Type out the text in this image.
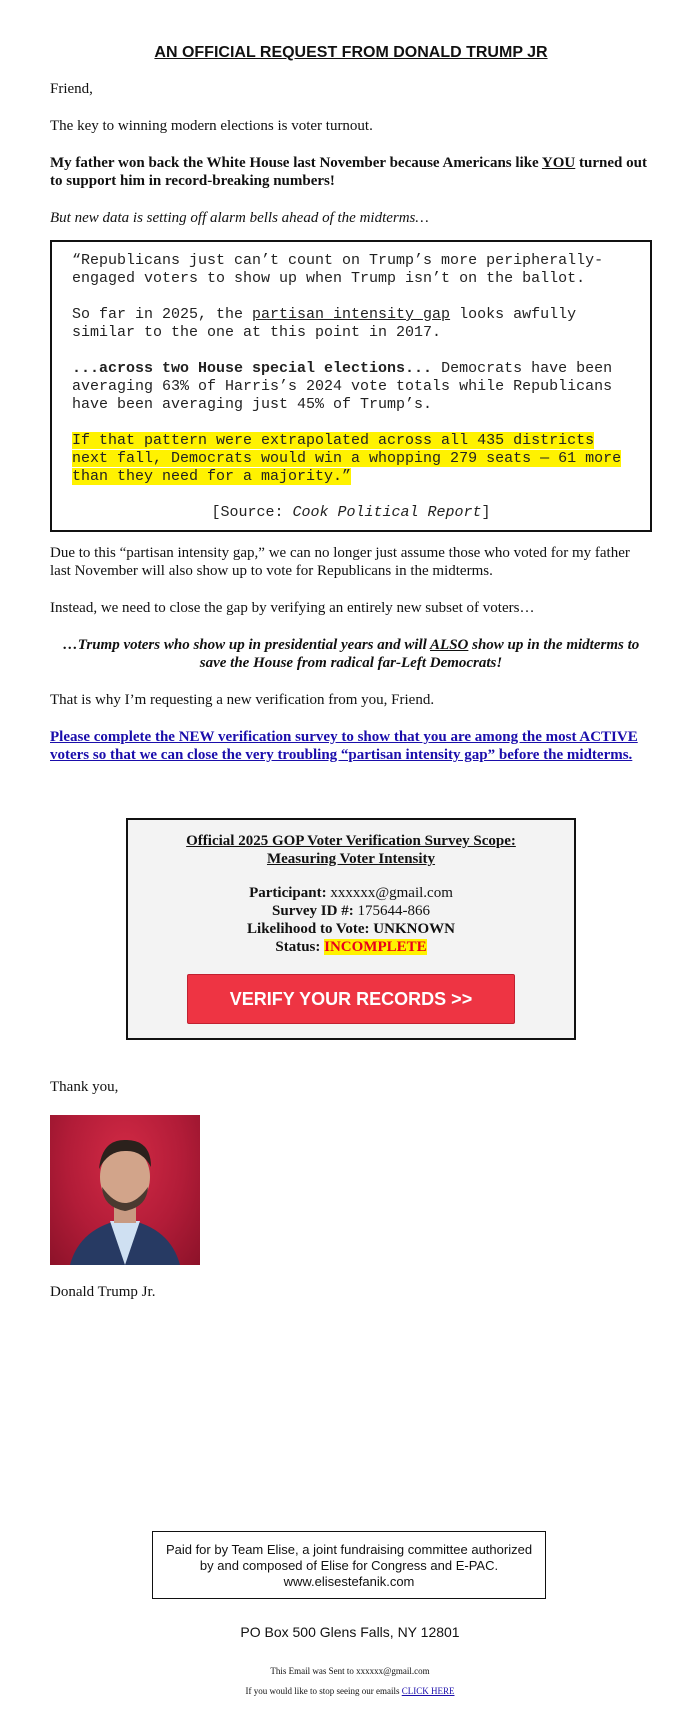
AN OFFICIAL REQUEST FROM DONALD TRUMP JR

Friend,

The key to winning modern elections is voter turnout.

My father won back the White House last November because Americans like YOU turned out to support him in record-breaking numbers!

But new data is setting off alarm bells ahead of the midterms…

“Republicans just can’t count on Trump’s more peripherally-engaged voters to show up when Trump isn’t on the ballot.
So far in 2025, the partisan intensity gap looks awfully similar to the one at this point in 2017.
...across two House special elections... Democrats have been averaging 63% of Harris’s 2024 vote totals while Republicans have been averaging just 45% of Trump’s.
If that pattern were extrapolated across all 435 districts next fall, Democrats would win a whopping 279 seats — 61 more than they need for a majority.”
[Source: Cook Political Report]

Due to this “partisan intensity gap,” we can no longer just assume those who voted for my father last November will also show up to vote for Republicans in the midterms.

Instead, we need to close the gap by verifying an entirely new subset of voters…

…Trump voters who show up in presidential years and will ALSO show up in the midterms to save the House from radical far-Left Democrats!

That is why I’m requesting a new verification from you, Friend.

Please complete the NEW verification survey to show that you are among the most ACTIVE voters so that we can close the very troubling “partisan intensity gap” before the midterms.

Official 2025 GOP Voter Verification Survey Scope:
Measuring Voter Intensity
Participant: xxxxxx@gmail.com
Survey ID #: 175644-866
Likelihood to Vote: UNKNOWN
Status: INCOMPLETE
VERIFY YOUR RECORDS >>

Thank you,

Donald Trump Jr.

Paid for by Team Elise, a joint fundraising committee authorized by and composed of Elise for Congress and E-PAC. www.elisestefanik.com
PO Box 500 Glens Falls, NY 12801
This Email was Sent to xxxxxx@gmail.com
If you would like to stop seeing our emails CLICK HERE
